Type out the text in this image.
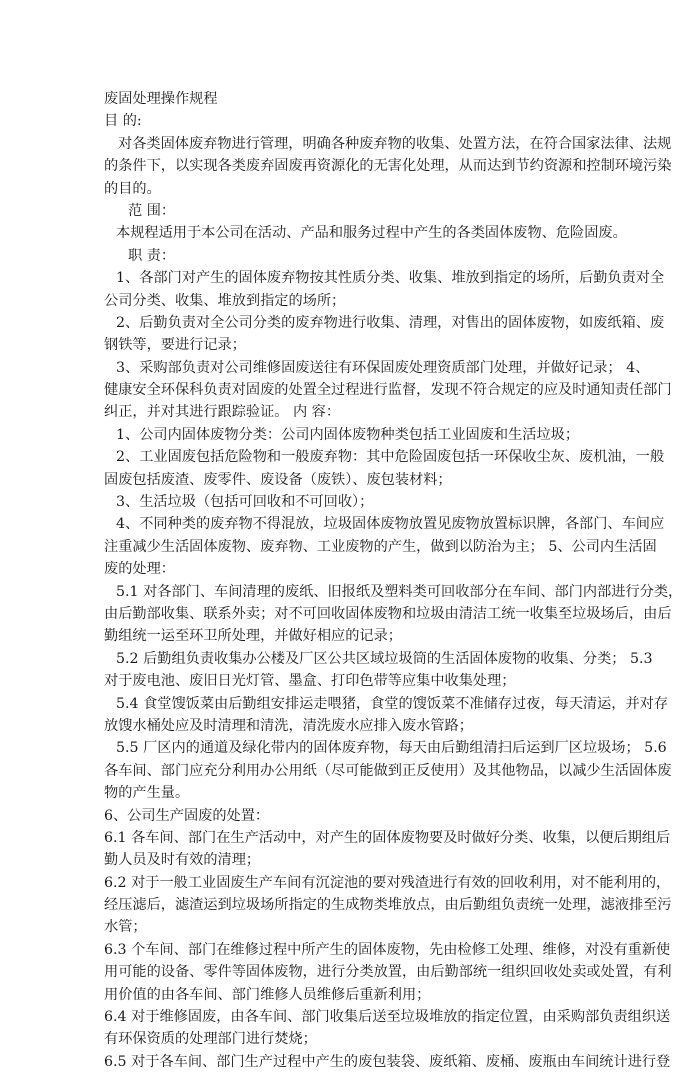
废固处理操作规程
目 的:
对各类固体废弃物进行管理，明确各种废弃物的收集、处置方法，在符合国家法律、法规
的条件下，以实现各类废弃固废再资源化的无害化处理，从而达到节约资源和控制环境污染
的目的。
范 围：
本规程适用于本公司在活动、产品和服务过程中产生的各类固体废物、危险固废。
职 责：
1、各部门对产生的固体废弃物按其性质分类、收集、堆放到指定的场所，后勤负责对全
公司分类、收集、堆放到指定的场所；
2、后勤负责对全公司分类的废弃物进行收集、清理，对售出的固体废物，如废纸箱、废
钢铁等，要进行记录；
3、采购部负责对公司维修固废送往有环保固废处理资质部门处理，并做好记录； 4、
健康安全环保科负责对固废的处置全过程进行监督，发现不符合规定的应及时通知责任部门
纠正，并对其进行跟踪验证。 内 容：
1、公司内固体废物分类：公司内固体废物种类包括工业固废和生活垃圾；
2、工业固废包括危险物和一般废弃物：其中危险固废包括一环保收尘灰、废机油，一般
固废包括废渣、废零件、废设备（废铁）、废包装材料；
3、生活垃圾（包括可回收和不可回收）；
4、不同种类的废弃物不得混放，垃圾固体废物放置见废物放置标识牌，各部门、车间应
注重减少生活固体废物、废弃物、工业废物的产生，做到以防治为主； 5、公司内生活固
废的处理：
5.1 对各部门、车间清理的废纸、旧报纸及塑料类可回收部分在车间、部门内部进行分类，
由后勤部收集、联系外卖；对不可回收固体废物和垃圾由清洁工统一收集至垃圾场后，由后
勤组统一运至环卫所处理，并做好相应的记录；
5.2 后勤组负责收集办公楼及厂区公共区域垃圾筒的生活固体废物的收集、分类； 5.3
对于废电池、废旧日光灯管、墨盒、打印色带等应集中收集处理；
5.4 食堂馊饭菜由后勤组安排运走喂猪，食堂的馊饭菜不准储存过夜，每天清运，并对存
放馊水桶处应及时清理和清洗，清洗废水应排入废水管路；
5.5 厂区内的通道及绿化带内的固体废弃物，每天由后勤组清扫后运到厂区垃圾场； 5.6
各车间、部门应充分利用办公用纸（尽可能做到正反使用）及其他物品，以减少生活固体废
物的产生量。
6、公司生产固废的处置：
6.1 各车间、部门在生产活动中，对产生的固体废物要及时做好分类、收集，以便后期组后
勤人员及时有效的清理；
6.2 对于一般工业固废生产车间有沉淀池的要对残渣进行有效的回收利用，对不能利用的，
经压滤后，滤渣运到垃圾场所指定的生成物类堆放点，由后勤组负责统一处理，滤液排至污
水管；
6.3 个车间、部门在维修过程中所产生的固体废物，先由检修工处理、维修，对没有重新使
用可能的设备、零件等固体废物，进行分类放置，由后勤部统一组织回收处卖或处置，有利
用价值的由各车间、部门维修人员维修后重新利用；
6.4 对于维修固废，由各车间、部门收集后送至垃圾堆放的指定位置，由采购部负责组织送
有环保资质的处理部门进行焚烧；
6.5 对于各车间、部门生产过程中产生的废包装袋、废纸箱、废桶、废瓶由车间统计进行登
